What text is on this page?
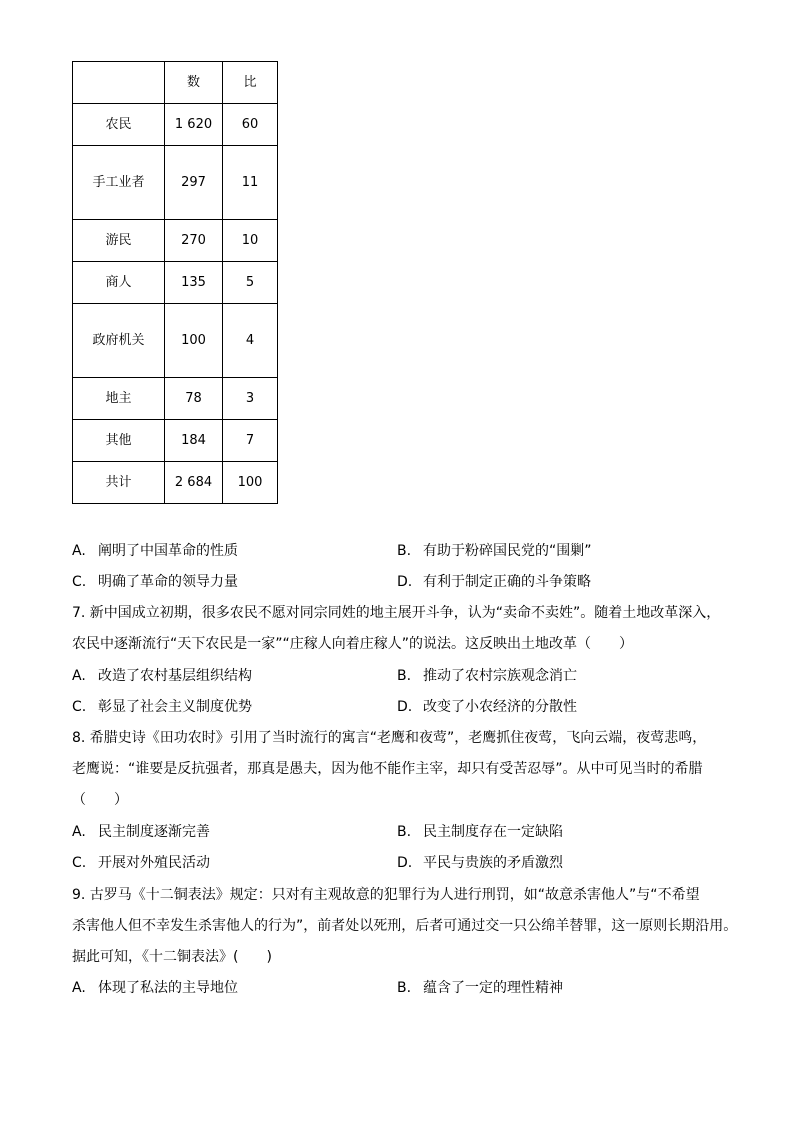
	数	比
农民	1 620	60
手工业者	297	11
游民	270	10
商人	135	5
政府机关	100	4
地主	78	3
其他	184	7
共计	2 684	100
A. 阐明了中国革命的性质	B. 有助于粉碎国民党的“围剿”
C. 明确了革命的领导力量	D. 有利于制定正确的斗争策略
7. 新中国成立初期，很多农民不愿对同宗同姓的地主展开斗争，认为“卖命不卖姓”。随着土地改革深入，
农民中逐渐流行“天下农民是一家”“庄稼人向着庄稼人”的说法。这反映出土地改革（　　）
A. 改造了农村基层组织结构	B. 推动了农村宗族观念消亡
C. 彰显了社会主义制度优势	D. 改变了小农经济的分散性
8. 希腊史诗《田功农时》引用了当时流行的寓言“老鹰和夜莺”，老鹰抓住夜莺，飞向云端，夜莺悲鸣，
老鹰说：“谁要是反抗强者，那真是愚夫，因为他不能作主宰，却只有受苦忍辱”。从中可见当时的希腊
（　　）
A. 民主制度逐渐完善	B. 民主制度存在一定缺陷
C. 开展对外殖民活动	D. 平民与贵族的矛盾激烈
9. 古罗马《十二铜表法》规定：只对有主观故意的犯罪行为人进行刑罚，如“故意杀害他人”与“不希望
杀害他人但不幸发生杀害他人的行为”，前者处以死刑，后者可通过交一只公绵羊替罪，这一原则长期沿用。
据此可知，《十二铜表法》(　　)
A. 体现了私法的主导地位	B. 蕴含了一定的理性精神
